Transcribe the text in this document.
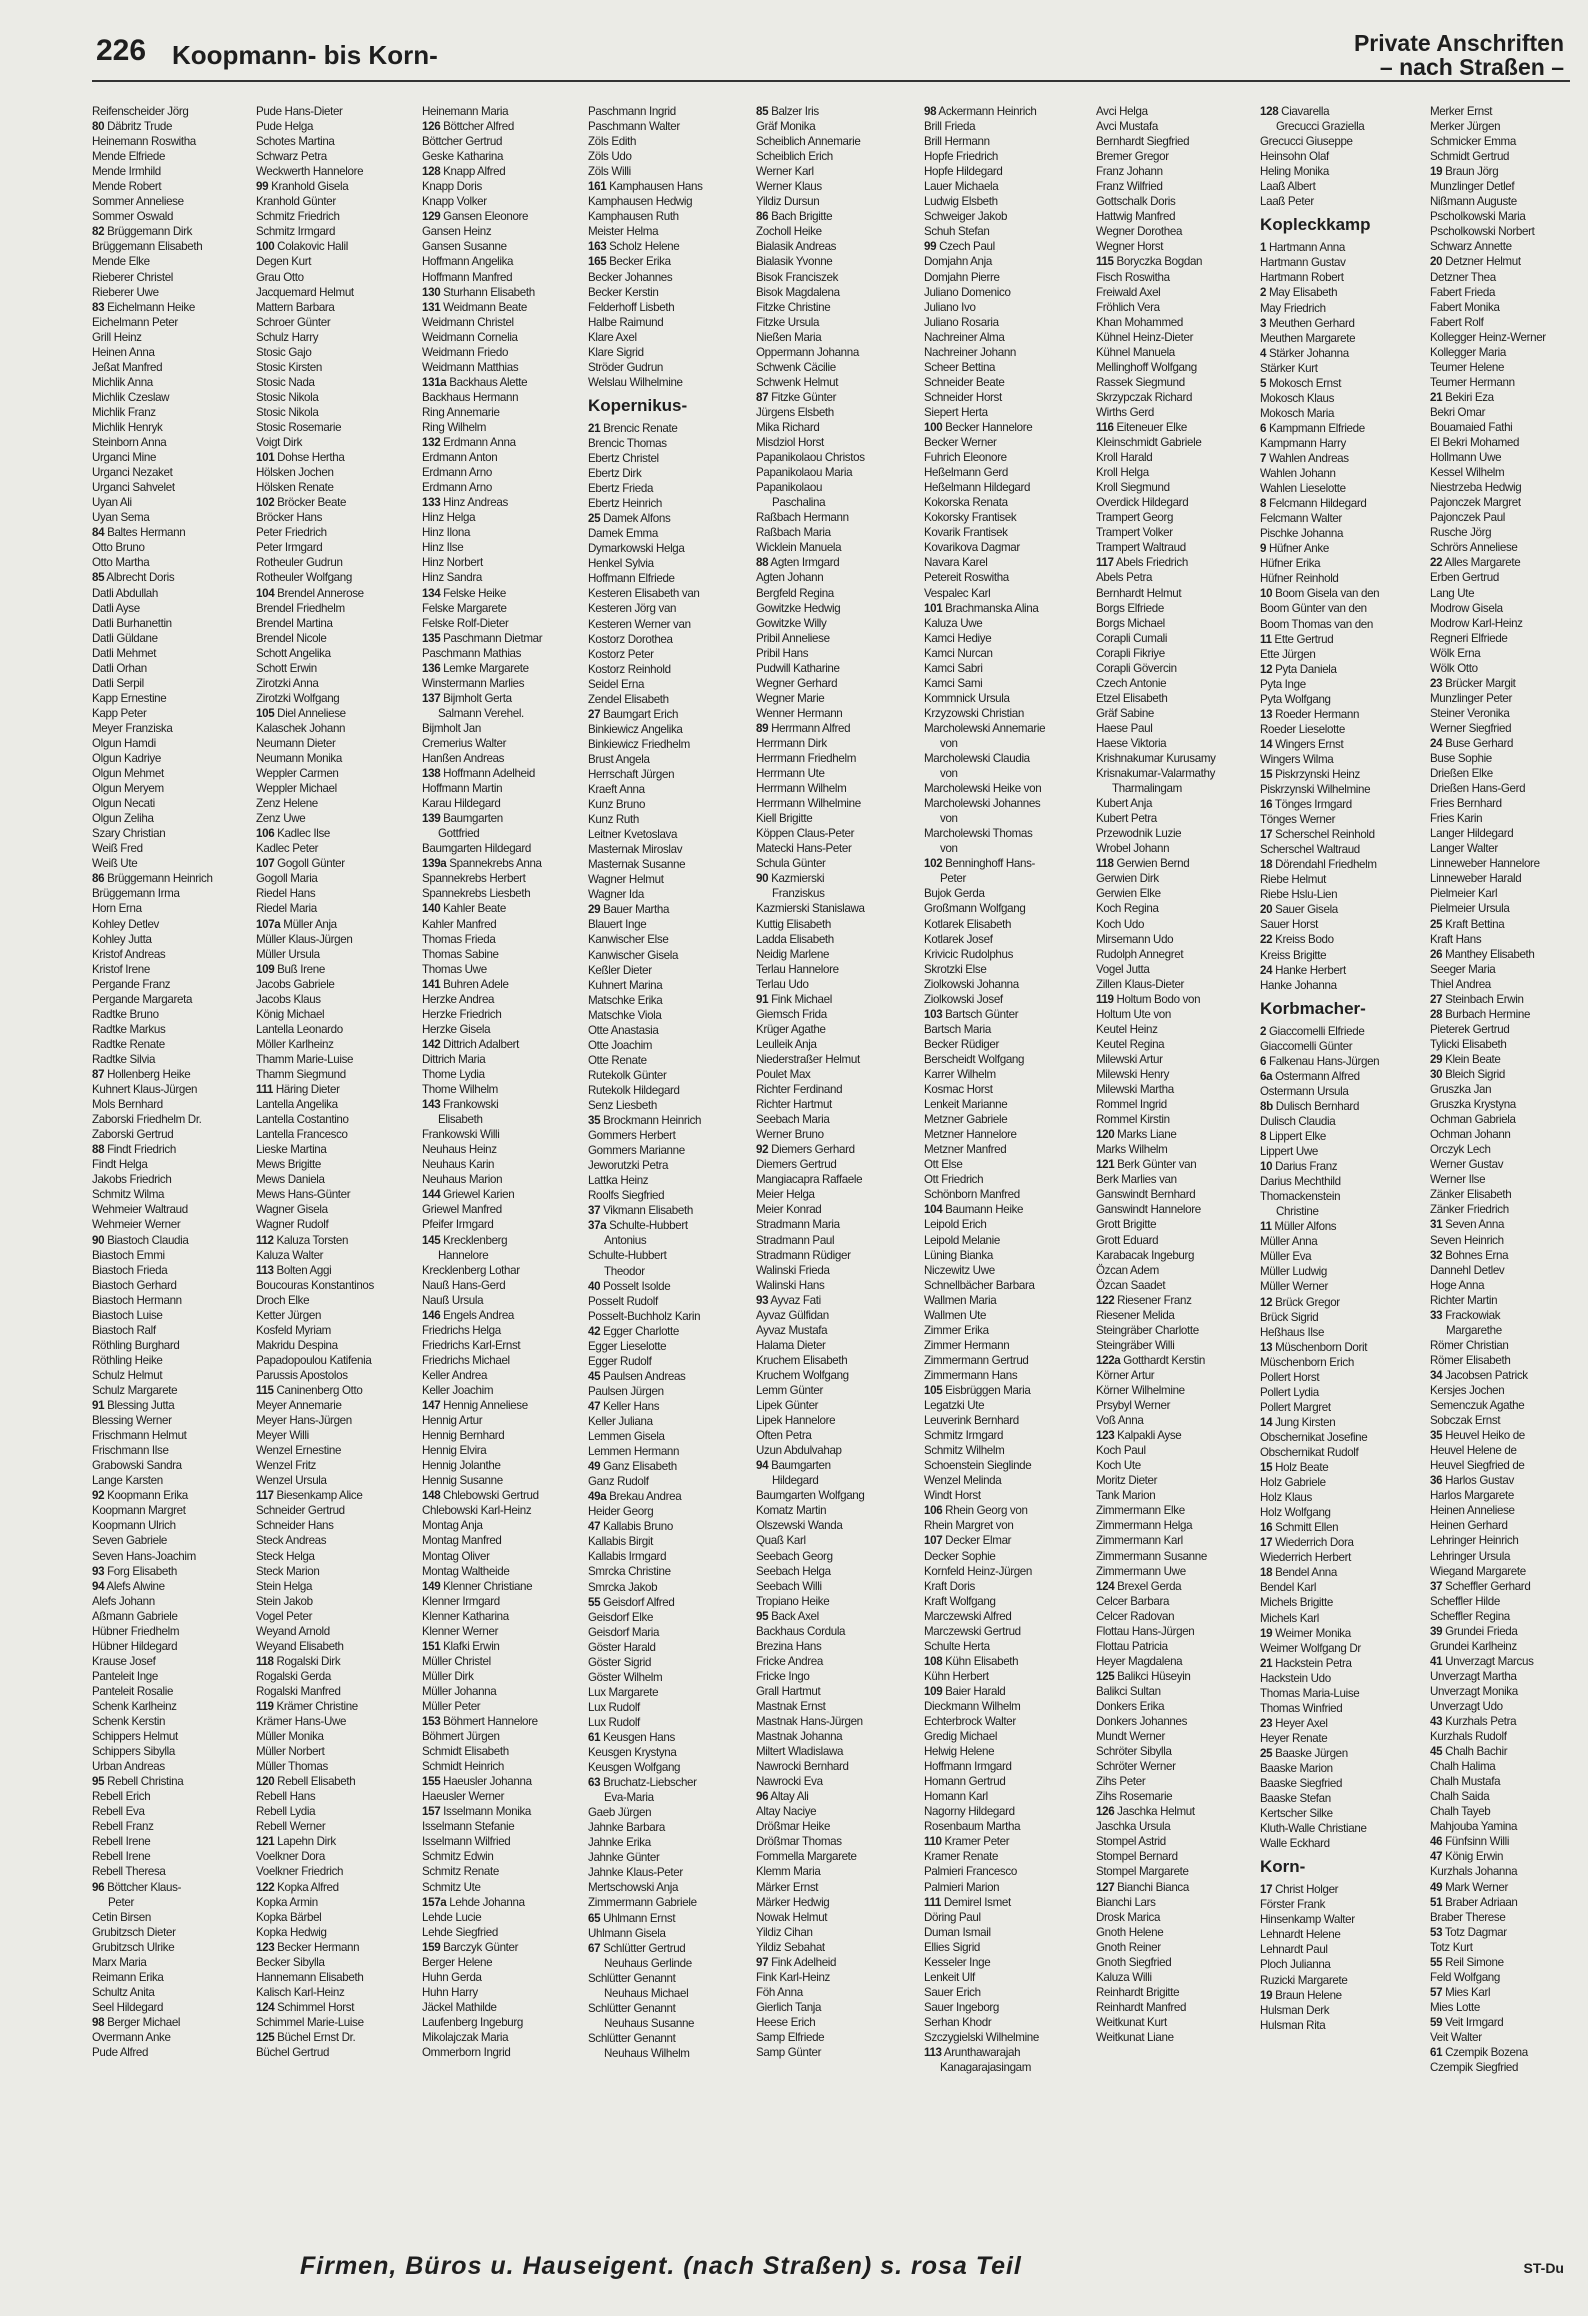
226 Koopmann- bis Korn-	Private Anschriften
– nach Straßen –
Reifenscheider Jörg
80 Däbritz Trude
Heinemann Roswitha
Mende Elfriede
Mende Irmhild
Mende Robert
Sommer Anneliese
Sommer Oswald
82 Brüggemann Dirk
Brüggemann Elisabeth
Mende Elke
Rieberer Christel
Rieberer Uwe
83 Eichelmann Heike
Eichelmann Peter
Grill Heinz
Heinen Anna
Jeßat Manfred
Michlik Anna
Michlik Czeslaw
Michlik Franz
Michlik Henryk
Steinborn Anna
Urganci Mine
Urganci Nezaket
Urganci Sahvelet
Uyan Ali
Uyan Sema
84 Baltes Hermann
Otto Bruno
Otto Martha
85 Albrecht Doris
Datli Abdullah
Datli Ayse
Datli Burhanettin
Datli Güldane
Datli Mehmet
Datli Orhan
Datli Serpil
Kapp Ernestine
Kapp Peter
Meyer Franziska
Olgun Hamdi
Olgun Kadriye
Olgun Mehmet
Olgun Meryem
Olgun Necati
Olgun Zeliha
Szary Christian
Weiß Fred
Weiß Ute
86 Brüggemann Heinrich
Brüggemann Irma
Horn Erna
Kohley Detlev
Kohley Jutta
Kristof Andreas
Kristof Irene
Pergande Franz
Pergande Margareta
Radtke Bruno
Radtke Markus
Radtke Renate
Radtke Silvia
87 Hollenberg Heike
Kuhnert Klaus-Jürgen
Mols Bernhard
Zaborski Friedhelm Dr.
Zaborski Gertrud
88 Findt Friedrich
Findt Helga
Jakobs Friedrich
Schmitz Wilma
Wehmeier Waltraud
Wehmeier Werner
90 Biastoch Claudia
Biastoch Emmi
Biastoch Frieda
Biastoch Gerhard
Biastoch Hermann
Biastoch Luise
Biastoch Ralf
Röthling Burghard
Röthling Heike
Schulz Helmut
Schulz Margarete
91 Blessing Jutta
Blessing Werner
Frischmann Helmut
Frischmann Ilse
Grabowski Sandra
Lange Karsten
92 Koopmann Erika
Koopmann Margret
Koopmann Ulrich
Seven Gabriele
Seven Hans-Joachim
93 Forg Elisabeth
94 Alefs Alwine
Alefs Johann
Aßmann Gabriele
Hübner Friedhelm
Hübner Hildegard
Krause Josef
Panteleit Inge
Panteleit Rosalie
Schenk Karlheinz
Schenk Kerstin
Schippers Helmut
Schippers Sibylla
Urban Andreas
95 Rebell Christina
Rebell Erich
Rebell Eva
Rebell Franz
Rebell Irene
Rebell Irene
Rebell Theresa
96 Böttcher Klaus-
Peter
Cetin Birsen
Grubitzsch Dieter
Grubitzsch Ulrike
Marx Maria
Reimann Erika
Schultz Anita
Seel Hildegard
98 Berger Michael
Overmann Anke
Pude Alfred
Pude Hans-Dieter
Pude Helga
Schotes Martina
Schwarz Petra
Weckwerth Hannelore
99 Kranhold Gisela
Kranhold Günter
Schmitz Friedrich
Schmitz Irmgard
100 Colakovic Halil
Degen Kurt
Grau Otto
Jacquemard Helmut
Mattern Barbara
Schroer Günter
Schulz Harry
Stosic Gajo
Stosic Kirsten
Stosic Nada
Stosic Nikola
Stosic Nikola
Stosic Rosemarie
Voigt Dirk
101 Dohse Hertha
Hölsken Jochen
Hölsken Renate
102 Bröcker Beate
Bröcker Hans
Peter Friedrich
Peter Irmgard
Rotheuler Gudrun
Rotheuler Wolfgang
104 Brendel Annerose
Brendel Friedhelm
Brendel Martina
Brendel Nicole
Schott Angelika
Schott Erwin
Zirotzki Anna
Zirotzki Wolfgang
105 Diel Anneliese
Kalaschek Johann
Neumann Dieter
Neumann Monika
Weppler Carmen
Weppler Michael
Zenz Helene
Zenz Uwe
106 Kadlec Ilse
Kadlec Peter
107 Gogoll Günter
Gogoll Maria
Riedel Hans
Riedel Maria
107a Müller Anja
Müller Klaus-Jürgen
Müller Ursula
109 Buß Irene
Jacobs Gabriele
Jacobs Klaus
König Michael
Lantella Leonardo
Möller Karlheinz
Thamm Marie-Luise
Thamm Siegmund
111 Häring Dieter
Lantella Angelika
Lantella Costantino
Lantella Francesco
Lieske Martina
Mews Brigitte
Mews Daniela
Mews Hans-Günter
Wagner Gisela
Wagner Rudolf
112 Kaluza Torsten
Kaluza Walter
113 Bolten Aggi
Boucouras Konstantinos
Droch Elke
Ketter Jürgen
Kosfeld Myriam
Makridu Despina
Papadopoulou Katifenia
Parussis Apostolos
115 Caninenberg Otto
Meyer Annemarie
Meyer Hans-Jürgen
Meyer Willi
Wenzel Ernestine
Wenzel Fritz
Wenzel Ursula
117 Biesenkamp Alice
Schneider Gertrud
Schneider Hans
Steck Andreas
Steck Helga
Steck Marion
Stein Helga
Stein Jakob
Vogel Peter
Weyand Arnold
Weyand Elisabeth
118 Rogalski Dirk
Rogalski Gerda
Rogalski Manfred
119 Krämer Christine
Krämer Hans-Uwe
Müller Monika
Müller Norbert
Müller Thomas
120 Rebell Elisabeth
Rebell Hans
Rebell Lydia
Rebell Werner
121 Lapehn Dirk
Voelkner Dora
Voelkner Friedrich
122 Kopka Alfred
Kopka Armin
Kopka Bärbel
Kopka Hedwig
123 Becker Hermann
Becker Sibylla
Hannemann Elisabeth
Kalisch Karl-Heinz
124 Schimmel Horst
Schimmel Marie-Luise
125 Büchel Ernst Dr.
Büchel Gertrud
Heinemann Maria
126 Böttcher Alfred
Böttcher Gertrud
Geske Katharina
128 Knapp Alfred
Knapp Doris
Knapp Volker
129 Gansen Eleonore
Gansen Heinz
Gansen Susanne
Hoffmann Angelika
Hoffmann Manfred
130 Sturhann Elisabeth
131 Weidmann Beate
Weidmann Christel
Weidmann Cornelia
Weidmann Friedo
Weidmann Matthias
131a Backhaus Alette
Backhaus Hermann
Ring Annemarie
Ring Wilhelm
132 Erdmann Anna
Erdmann Anton
Erdmann Arno
Erdmann Arno
133 Hinz Andreas
Hinz Helga
Hinz Ilona
Hinz Ilse
Hinz Norbert
Hinz Sandra
134 Felske Heike
Felske Margarete
Felske Rolf-Dieter
135 Paschmann Dietmar
Paschmann Mathias
136 Lemke Margarete
Winstermann Marlies
137 Bijmholt Gerta
Salmann Verehel.
Bijmholt Jan
Cremerius Walter
Hanßen Andreas
138 Hoffmann Adelheid
Hoffmann Martin
Karau Hildegard
139 Baumgarten
Gottfried
Baumgarten Hildegard
139a Spannekrebs Anna
Spannekrebs Herbert
Spannekrebs Liesbeth
140 Kahler Beate
Kahler Manfred
Thomas Frieda
Thomas Sabine
Thomas Uwe
141 Buhren Adele
Herzke Andrea
Herzke Friedrich
Herzke Gisela
142 Dittrich Adalbert
Dittrich Maria
Thome Lydia
Thome Wilhelm
143 Frankowski
Elisabeth
Frankowski Willi
Neuhaus Heinz
Neuhaus Karin
Neuhaus Marion
144 Griewel Karien
Griewel Manfred
Pfeifer Irmgard
145 Krecklenberg
Hannelore
Krecklenberg Lothar
Nauß Hans-Gerd
Nauß Ursula
146 Engels Andrea
Friedrichs Helga
Friedrichs Karl-Ernst
Friedrichs Michael
Keller Andrea
Keller Joachim
147 Hennig Anneliese
Hennig Artur
Hennig Bernhard
Hennig Elvira
Hennig Jolanthe
Hennig Susanne
148 Chlebowski Gertrud
Chlebowski Karl-Heinz
Montag Anja
Montag Manfred
Montag Oliver
Montag Waltheide
149 Klenner Christiane
Klenner Irmgard
Klenner Katharina
Klenner Werner
151 Klafki Erwin
Müller Christel
Müller Dirk
Müller Johanna
Müller Peter
153 Böhmert Hannelore
Böhmert Jürgen
Schmidt Elisabeth
Schmidt Heinrich
155 Haeusler Johanna
Haeusler Werner
157 Isselmann Monika
Isselmann Stefanie
Isselmann Wilfried
Schmitz Edwin
Schmitz Renate
Schmitz Ute
157a Lehde Johanna
Lehde Lucie
Lehde Siegfried
159 Barczyk Günter
Berger Helene
Huhn Gerda
Huhn Harry
Jäckel Mathilde
Laufenberg Ingeburg
Mikolajczak Maria
Ommerborn Ingrid
Paschmann Ingrid
Paschmann Walter
Zöls Edith
Zöls Udo
Zöls Willi
161 Kamphausen Hans
Kamphausen Hedwig
Kamphausen Ruth
Meister Helma
163 Scholz Helene
165 Becker Erika
Becker Johannes
Becker Kerstin
Felderhoff Lisbeth
Halbe Raimund
Klare Axel
Klare Sigrid
Ströder Gudrun
Welslau Wilhelmine
Kopernikus-
21 Brencic Renate
Brencic Thomas
Ebertz Christel
Ebertz Dirk
Ebertz Frieda
Ebertz Heinrich
25 Damek Alfons
Damek Emma
Dymarkowski Helga
Henkel Sylvia
Hoffmann Elfriede
Kesteren Elisabeth van
Kesteren Jörg van
Kesteren Werner van
Kostorz Dorothea
Kostorz Peter
Kostorz Reinhold
Seidel Erna
Zendel Elisabeth
27 Baumgart Erich
Binkiewicz Angelika
Binkiewicz Friedhelm
Brust Angela
Herrschaft Jürgen
Kraeft Anna
Kunz Bruno
Kunz Ruth
Leitner Kvetoslava
Masternak Miroslav
Masternak Susanne
Wagner Helmut
Wagner Ida
29 Bauer Martha
Blauert Inge
Kanwischer Else
Kanwischer Gisela
Keßler Dieter
Kuhnert Marina
Matschke Erika
Matschke Viola
Otte Anastasia
Otte Joachim
Otte Renate
Rutekolk Günter
Rutekolk Hildegard
Senz Liesbeth
35 Brockmann Heinrich
Gommers Herbert
Gommers Marianne
Jeworutzki Petra
Lattka Heinz
Roolfs Siegfried
37 Vikmann Elisabeth
37a Schulte-Hubbert
Antonius
Schulte-Hubbert
Theodor
40 Posselt Isolde
Posselt Rudolf
Posselt-Buchholz Karin
42 Egger Charlotte
Egger Lieselotte
Egger Rudolf
45 Paulsen Andreas
Paulsen Jürgen
47 Keller Hans
Keller Juliana
Lemmen Gisela
Lemmen Hermann
49 Ganz Elisabeth
Ganz Rudolf
49a Brekau Andrea
Heider Georg
47 Kallabis Bruno
Kallabis Birgit
Kallabis Irmgard
Smrcka Christine
Smrcka Jakob
55 Geisdorf Alfred
Geisdorf Elke
Geisdorf Maria
Göster Harald
Göster Sigrid
Göster Wilhelm
Lux Margarete
Lux Rudolf
Lux Rudolf
61 Keusgen Hans
Keusgen Krystyna
Keusgen Wolfgang
63 Bruchatz-Liebscher
Eva-Maria
Gaeb Jürgen
Jahnke Barbara
Jahnke Erika
Jahnke Günter
Jahnke Klaus-Peter
Mertschowski Anja
Zimmermann Gabriele
65 Uhlmann Ernst
Uhlmann Gisela
67 Schlütter Gertrud
Neuhaus Gerlinde
Schlütter Genannt
Neuhaus Michael
Schlütter Genannt
Neuhaus Susanne
Schlütter Genannt
Neuhaus Wilhelm
85 Balzer Iris
Gräf Monika
Scheiblich Annemarie
Scheiblich Erich
Werner Karl
Werner Klaus
Yildiz Dursun
86 Bach Brigitte
Zocholl Heike
Bialasik Andreas
Bialasik Yvonne
Bisok Franciszek
Bisok Magdalena
Fitzke Christine
Fitzke Ursula
Nießen Maria
Oppermann Johanna
Schwenk Cäcilie
Schwenk Helmut
87 Fitzke Günter
Jürgens Elsbeth
Mika Richard
Misdziol Horst
Papanikolaou Christos
Papanikolaou Maria
Papanikolaou
Paschalina
Raßbach Hermann
Raßbach Maria
Wicklein Manuela
88 Agten Irmgard
Agten Johann
Bergfeld Regina
Gowitzke Hedwig
Gowitzke Willy
Pribil Anneliese
Pribil Hans
Pudwill Katharine
Wegner Gerhard
Wegner Marie
Wenner Hermann
89 Herrmann Alfred
Herrmann Dirk
Herrmann Friedhelm
Herrmann Ute
Herrmann Wilhelm
Herrmann Wilhelmine
Kiell Brigitte
Köppen Claus-Peter
Matecki Hans-Peter
Schula Günter
90 Kazmierski
Franziskus
Kazmierski Stanislawa
Kuttig Elisabeth
Ladda Elisabeth
Neidig Marlene
Terlau Hannelore
Terlau Udo
91 Fink Michael
Giemsch Frida
Krüger Agathe
Leulleik Anja
Niederstraßer Helmut
Poulet Max
Richter Ferdinand
Richter Hartmut
Seebach Maria
Werner Bruno
92 Diemers Gerhard
Diemers Gertrud
Mangiacapra Raffaele
Meier Helga
Meier Konrad
Stradmann Maria
Stradmann Paul
Stradmann Rüdiger
Walinski Frieda
Walinski Hans
93 Ayvaz Fati
Ayvaz Gülfidan
Ayvaz Mustafa
Halama Dieter
Kruchem Elisabeth
Kruchem Wolfgang
Lemm Günter
Lipek Günter
Lipek Hannelore
Often Petra
Uzun Abdulvahap
94 Baumgarten
Hildegard
Baumgarten Wolfgang
Komatz Martin
Olszewski Wanda
Quaß Karl
Seebach Georg
Seebach Helga
Seebach Willi
Tropiano Heike
95 Back Axel
Backhaus Cordula
Brezina Hans
Fricke Andrea
Fricke Ingo
Grall Hartmut
Mastnak Ernst
Mastnak Hans-Jürgen
Mastnak Johanna
Miltert Wladislawa
Nawrocki Bernhard
Nawrocki Eva
96 Altay Ali
Altay Naciye
Drößmar Heike
Drößmar Thomas
Fommella Margarete
Klemm Maria
Märker Ernst
Märker Hedwig
Nowak Helmut
Yildiz Cihan
Yildiz Sebahat
97 Fink Adelheid
Fink Karl-Heinz
Föh Anna
Gierlich Tanja
Heese Erich
Samp Elfriede
Samp Günter
98 Ackermann Heinrich
Brill Frieda
Brill Hermann
Hopfe Friedrich
Hopfe Hildegard
Lauer Michaela
Ludwig Elsbeth
Schweiger Jakob
Schuh Stefan
99 Czech Paul
Domjahn Anja
Domjahn Pierre
Juliano Domenico
Juliano Ivo
Juliano Rosaria
Nachreiner Alma
Nachreiner Johann
Scheer Bettina
Schneider Beate
Schneider Horst
Siepert Herta
100 Becker Hannelore
Becker Werner
Fuhrich Eleonore
Heßelmann Gerd
Heßelmann Hildegard
Kokorska Renata
Kokorsky Frantisek
Kovarik Frantisek
Kovarikova Dagmar
Navara Karel
Petereit Roswitha
Vespalec Karl
101 Brachmanska Alina
Kaluza Uwe
Kamci Hediye
Kamci Nurcan
Kamci Sabri
Kamci Sami
Kommnick Ursula
Krzyzowski Christian
Marcholewski Annemarie
von
Marcholewski Claudia
von
Marcholewski Heike von
Marcholewski Johannes
von
Marcholewski Thomas
von
102 Benninghoff Hans-
Peter
Bujok Gerda
Großmann Wolfgang
Kotlarek Elisabeth
Kotlarek Josef
Krivicic Rudolphus
Skrotzki Else
Ziolkowski Johanna
Ziolkowski Josef
103 Bartsch Günter
Bartsch Maria
Becker Rüdiger
Berscheidt Wolfgang
Karrer Wilhelm
Kosmac Horst
Lenkeit Marianne
Metzner Gabriele
Metzner Hannelore
Metzner Manfred
Ott Else
Ott Friedrich
Schönborn Manfred
104 Baumann Heike
Leipold Erich
Leipold Melanie
Lüning Bianka
Niczewitz Uwe
Schnellbächer Barbara
Wallmen Maria
Wallmen Ute
Zimmer Erika
Zimmer Hermann
Zimmermann Gertrud
Zimmermann Hans
105 Eisbrüggen Maria
Legatzki Ute
Leuverink Bernhard
Schmitz Irmgard
Schmitz Wilhelm
Schoenstein Sieglinde
Wenzel Melinda
Windt Horst
106 Rhein Georg von
Rhein Margret von
107 Decker Elmar
Decker Sophie
Kornfeld Heinz-Jürgen
Kraft Doris
Kraft Wolfgang
Marczewski Alfred
Marczewski Gertrud
Schulte Herta
108 Kühn Elisabeth
Kühn Herbert
109 Baier Harald
Dieckmann Wilhelm
Echterbrock Walter
Gredig Michael
Helwig Helene
Hoffmann Irmgard
Homann Gertrud
Homann Karl
Nagorny Hildegard
Rosenbaum Martha
110 Kramer Peter
Kramer Renate
Palmieri Francesco
Palmieri Marion
111 Demirel Ismet
Döring Paul
Duman Ismail
Ellies Sigrid
Kesseler Inge
Lenkeit Ulf
Sauer Erich
Sauer Ingeborg
Serhan Khodr
Szczygielski Wilhelmine
113 Arunthawarajah
Kanagarajasingam
Avci Helga
Avci Mustafa
Bernhardt Siegfried
Bremer Gregor
Franz Johann
Franz Wilfried
Gottschalk Doris
Hattwig Manfred
Wegner Dorothea
Wegner Horst
115 Boryczka Bogdan
Fisch Roswitha
Freiwald Axel
Fröhlich Vera
Khan Mohammed
Kühnel Heinz-Dieter
Kühnel Manuela
Mellinghoff Wolfgang
Rassek Siegmund
Skrzypczak Richard
Wirths Gerd
116 Eiteneuer Elke
Kleinschmidt Gabriele
Kroll Harald
Kroll Helga
Kroll Siegmund
Overdick Hildegard
Trampert Georg
Trampert Volker
Trampert Waltraud
117 Abels Friedrich
Abels Petra
Bernhardt Helmut
Borgs Elfriede
Borgs Michael
Corapli Cumali
Corapli Fikriye
Corapli Gövercin
Czech Antonie
Etzel Elisabeth
Gräf Sabine
Haese Paul
Haese Viktoria
Krishnakumar Kurusamy
Krisnakumar-Valarmathy
Tharmalingam
Kubert Anja
Kubert Petra
Przewodnik Luzie
Wrobel Johann
118 Gerwien Bernd
Gerwien Dirk
Gerwien Elke
Koch Regina
Koch Udo
Mirsemann Udo
Rudolph Annegret
Vogel Jutta
Zillen Klaus-Dieter
119 Holtum Bodo von
Holtum Ute von
Keutel Heinz
Keutel Regina
Milewski Artur
Milewski Henry
Milewski Martha
Rommel Ingrid
Rommel Kirstin
120 Marks Liane
Marks Wilhelm
121 Berk Günter van
Berk Marlies van
Ganswindt Bernhard
Ganswindt Hannelore
Grott Brigitte
Grott Eduard
Karabacak Ingeburg
Özcan Adem
Özcan Saadet
122 Riesener Franz
Riesener Melida
Steingräber Charlotte
Steingräber Willi
122a Gotthardt Kerstin
Körner Artur
Körner Wilhelmine
Prsybyl Werner
Voß Anna
123 Kalpakli Ayse
Koch Paul
Koch Ute
Moritz Dieter
Tank Marion
Zimmermann Elke
Zimmermann Helga
Zimmermann Karl
Zimmermann Susanne
Zimmermann Uwe
124 Brexel Gerda
Celcer Barbara
Celcer Radovan
Flottau Hans-Jürgen
Flottau Patricia
Heyer Magdalena
125 Balikci Hüseyin
Balikci Sultan
Donkers Erika
Donkers Johannes
Mundt Werner
Schröter Sibylla
Schröter Werner
Zihs Peter
Zihs Rosemarie
126 Jaschka Helmut
Jaschka Ursula
Stompel Astrid
Stompel Bernard
Stompel Margarete
127 Bianchi Bianca
Bianchi Lars
Drosk Marica
Gnoth Helene
Gnoth Reiner
Gnoth Siegfried
Kaluza Willi
Reinhardt Brigitte
Reinhardt Manfred
Weitkunat Kurt
Weitkunat Liane
128 Ciavarella
Grecucci Graziella
Grecucci Giuseppe
Heinsohn Olaf
Heling Monika
Laaß Albert
Laaß Peter
Kopleckkamp
1 Hartmann Anna
Hartmann Gustav
Hartmann Robert
2 May Elisabeth
May Friedrich
3 Meuthen Gerhard
Meuthen Margarete
4 Stärker Johanna
Stärker Kurt
5 Mokosch Ernst
Mokosch Klaus
Mokosch Maria
6 Kampmann Elfriede
Kampmann Harry
7 Wahlen Andreas
Wahlen Johann
Wahlen Lieselotte
8 Felcmann Hildegard
Felcmann Walter
Pischke Johanna
9 Hüfner Anke
Hüfner Erika
Hüfner Reinhold
10 Boom Gisela van den
Boom Günter van den
Boom Thomas van den
11 Ette Gertrud
Ette Jürgen
12 Pyta Daniela
Pyta Inge
Pyta Wolfgang
13 Roeder Hermann
Roeder Lieselotte
14 Wingers Ernst
Wingers Wilma
15 Piskrzynski Heinz
Piskrzynski Wilhelmine
16 Tönges Irmgard
Tönges Werner
17 Scherschel Reinhold
Scherschel Waltraud
18 Dörendahl Friedhelm
Riebe Helmut
Riebe Hslu-Lien
20 Sauer Gisela
Sauer Horst
22 Kreiss Bodo
Kreiss Brigitte
24 Hanke Herbert
Hanke Johanna
Korbmacher-
2 Giaccomelli Elfriede
Giaccomelli Günter
6 Falkenau Hans-Jürgen
6a Ostermann Alfred
Ostermann Ursula
8b Dulisch Bernhard
Dulisch Claudia
8 Lippert Elke
Lippert Uwe
10 Darius Franz
Darius Mechthild
Thomackenstein
Christine
11 Müller Alfons
Müller Anna
Müller Eva
Müller Ludwig
Müller Werner
12 Brück Gregor
Brück Sigrid
Heßhaus Ilse
13 Müschenborn Dorit
Müschenborn Erich
Pollert Horst
Pollert Lydia
Pollert Margret
14 Jung Kirsten
Obschernikat Josefine
Obschernikat Rudolf
15 Holz Beate
Holz Gabriele
Holz Klaus
Holz Wolfgang
16 Schmitt Ellen
17 Wiederrich Dora
Wiederrich Herbert
18 Bendel Anna
Bendel Karl
Michels Brigitte
Michels Karl
19 Weimer Monika
Weimer Wolfgang Dr
21 Hackstein Petra
Hackstein Udo
Thomas Maria-Luise
Thomas Winfried
23 Heyer Axel
Heyer Renate
25 Baaske Jürgen
Baaske Marion
Baaske Siegfried
Baaske Stefan
Kertscher Silke
Kluth-Walle Christiane
Walle Eckhard
Korn-
17 Christ Holger
Förster Frank
Hinsenkamp Walter
Lehnardt Helene
Lehnardt Paul
Ploch Julianna
Ruzicki Margarete
19 Braun Helene
Hulsman Derk
Hulsman Rita
Merker Ernst
Merker Jürgen
Schmicker Emma
Schmidt Gertrud
19 Braun Jörg
Munzlinger Detlef
Nißmann Auguste
Pscholkowski Maria
Pscholkowski Norbert
Schwarz Annette
20 Detzner Helmut
Detzner Thea
Fabert Frieda
Fabert Monika
Fabert Rolf
Kollegger Heinz-Werner
Kollegger Maria
Teumer Helene
Teumer Hermann
21 Bekiri Eza
Bekri Omar
Bouamaied Fathi
El Bekri Mohamed
Hollmann Uwe
Kessel Wilhelm
Niestrzeba Hedwig
Pajonczek Margret
Pajonczek Paul
Rusche Jörg
Schrörs Anneliese
22 Alles Margarete
Erben Gertrud
Lang Ute
Modrow Gisela
Modrow Karl-Heinz
Regneri Elfriede
Wölk Erna
Wölk Otto
23 Brücker Margit
Munzlinger Peter
Steiner Veronika
Werner Siegfried
24 Buse Gerhard
Buse Sophie
Drießen Elke
Drießen Hans-Gerd
Fries Bernhard
Fries Karin
Langer Hildegard
Langer Walter
Linneweber Hannelore
Linneweber Harald
Pielmeier Karl
Pielmeier Ursula
25 Kraft Bettina
Kraft Hans
26 Manthey Elisabeth
Seeger Maria
Thiel Andrea
27 Steinbach Erwin
28 Burbach Hermine
Pieterek Gertrud
Tylicki Elisabeth
29 Klein Beate
30 Bleich Sigrid
Gruszka Jan
Gruszka Krystyna
Ochman Gabriela
Ochman Johann
Orczyk Lech
Werner Gustav
Werner Ilse
Zänker Elisabeth
Zänker Friedrich
31 Seven Anna
Seven Heinrich
32 Bohnes Erna
Dannehl Detlev
Hoge Anna
Richter Martin
33 Frackowiak
Margarethe
Römer Christian
Römer Elisabeth
34 Jacobsen Patrick
Kersjes Jochen
Semenczuk Agathe
Sobczak Ernst
35 Heuvel Heiko de
Heuvel Helene de
Heuvel Siegfried de
36 Harlos Gustav
Harlos Margarete
Heinen Anneliese
Heinen Gerhard
Lehringer Heinrich
Lehringer Ursula
Wiegand Margarete
37 Scheffler Gerhard
Scheffler Hilde
Scheffler Regina
39 Grundei Frieda
Grundei Karlheinz
41 Unverzagt Marcus
Unverzagt Martha
Unverzagt Monika
Unverzagt Udo
43 Kurzhals Petra
Kurzhals Rudolf
45 Chalh Bachir
Chalh Halima
Chalh Mustafa
Chalh Saida
Chalh Tayeb
Mahjouba Yamina
46 Fünfsinn Willi
47 König Erwin
Kurzhals Johanna
49 Mark Werner
51 Braber Adriaan
Braber Therese
53 Totz Dagmar
Totz Kurt
55 Reil Simone
Feld Wolfgang
57 Mies Karl
Mies Lotte
59 Veit Irmgard
Veit Walter
61 Czempik Bozena
Czempik Siegfried
Firmen, Büros u. Hauseigent. (nach Straßen) s. rosa Teil	ST-Du
